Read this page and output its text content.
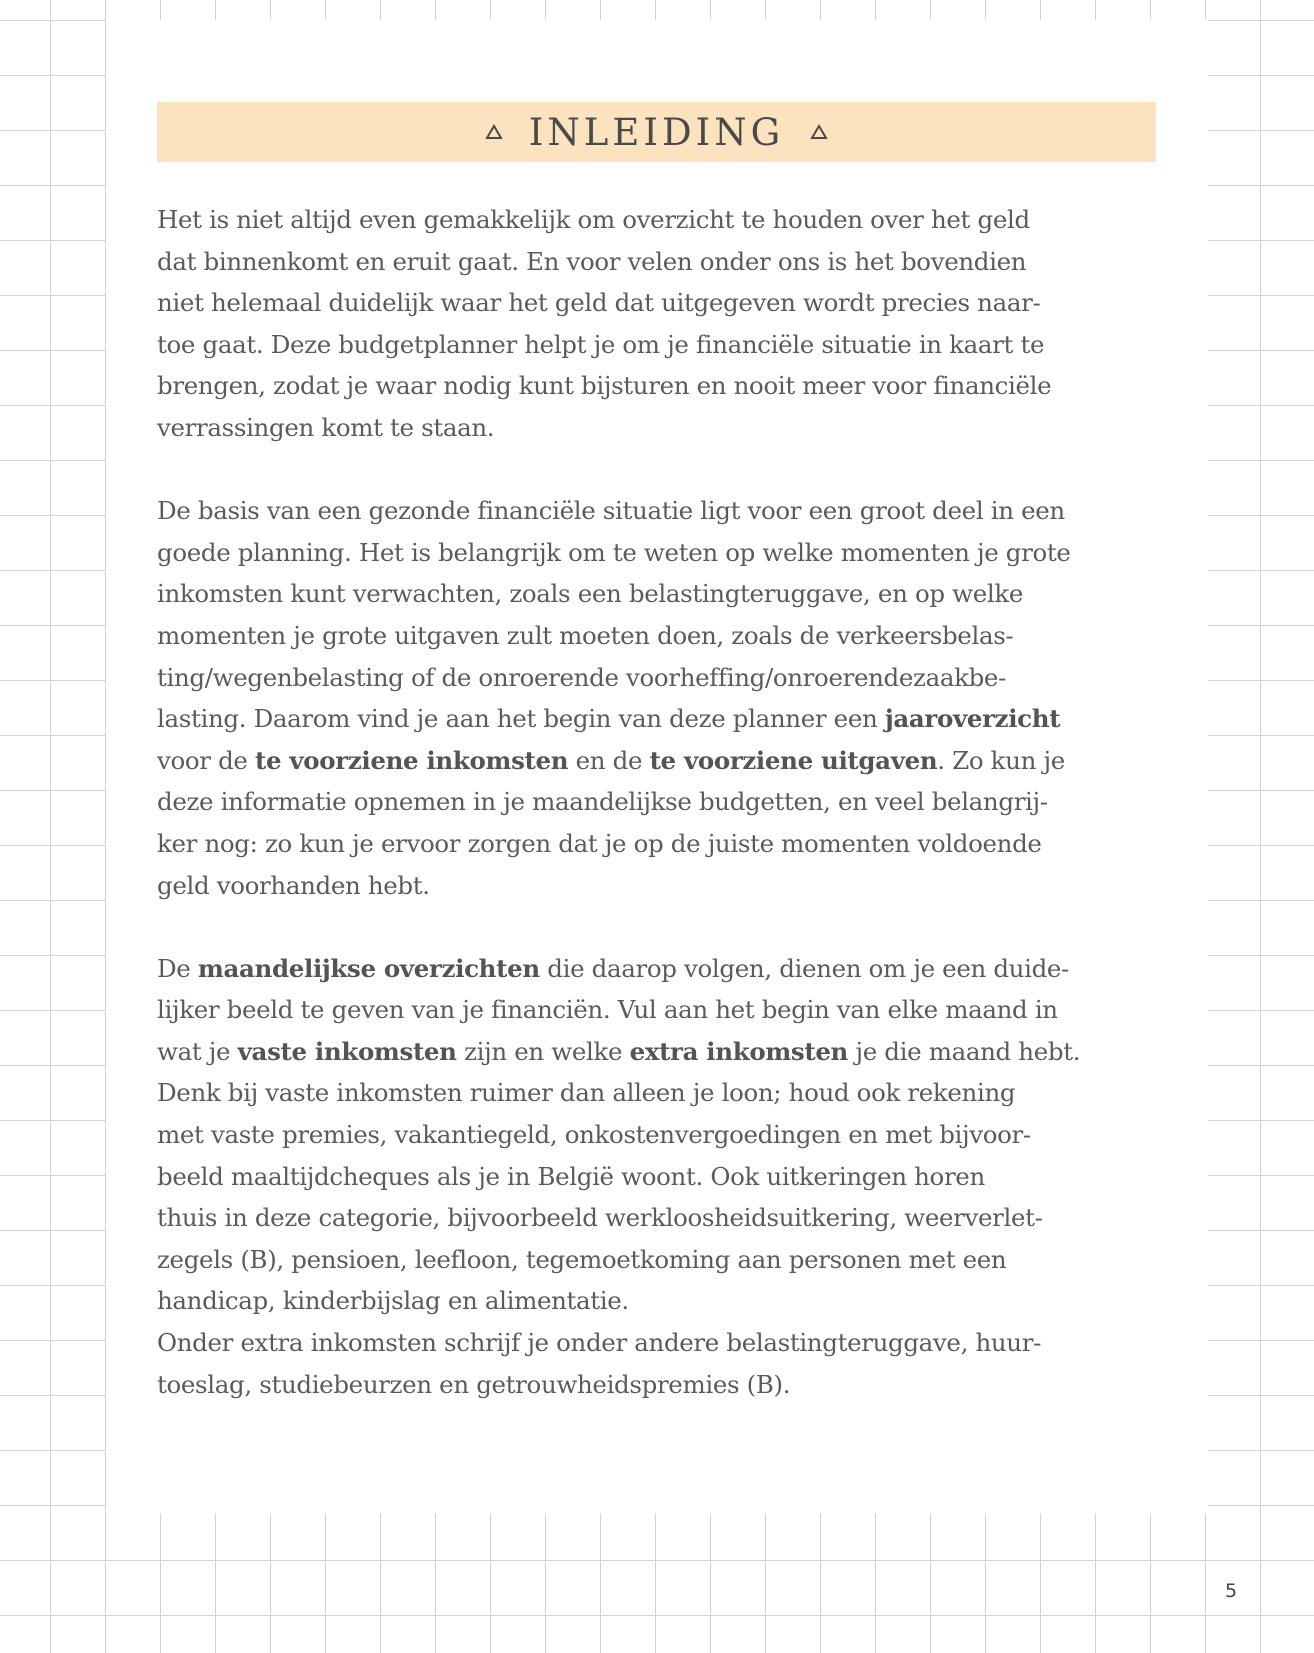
INLEIDING

Het is niet altijd even gemakkelijk om overzicht te houden over het geld
dat binnenkomt en eruit gaat. En voor velen onder ons is het bovendien
niet helemaal duidelijk waar het geld dat uitgegeven wordt precies naar-
toe gaat. Deze budgetplanner helpt je om je financiële situatie in kaart te
brengen, zodat je waar nodig kunt bijsturen en nooit meer voor financiële
verrassingen komt te staan.

De basis van een gezonde financiële situatie ligt voor een groot deel in een
goede planning. Het is belangrijk om te weten op welke momenten je grote
inkomsten kunt verwachten, zoals een belastingteruggave, en op welke
momenten je grote uitgaven zult moeten doen, zoals de verkeersbelas-
ting/wegenbelasting of de onroerende voorheffing/onroerendezaakbe-
lasting. Daarom vind je aan het begin van deze planner een jaaroverzicht
voor de te voorziene inkomsten en de te voorziene uitgaven. Zo kun je
deze informatie opnemen in je maandelijkse budgetten, en veel belangrij-
ker nog: zo kun je ervoor zorgen dat je op de juiste momenten voldoende
geld voorhanden hebt.

De maandelijkse overzichten die daarop volgen, dienen om je een duide-
lijker beeld te geven van je financiën. Vul aan het begin van elke maand in
wat je vaste inkomsten zijn en welke extra inkomsten je die maand hebt.
Denk bij vaste inkomsten ruimer dan alleen je loon; houd ook rekening
met vaste premies, vakantiegeld, onkostenvergoedingen en met bijvoor-
beeld maaltijdcheques als je in België woont. Ook uitkeringen horen
thuis in deze categorie, bijvoorbeeld werkloosheidsuitkering, weerverlet-
zegels (B), pensioen, leefloon, tegemoetkoming aan personen met een
handicap, kinderbijslag en alimentatie.
Onder extra inkomsten schrijf je onder andere belastingteruggave, huur-
toeslag, studiebeurzen en getrouwheidspremies (B).

5
